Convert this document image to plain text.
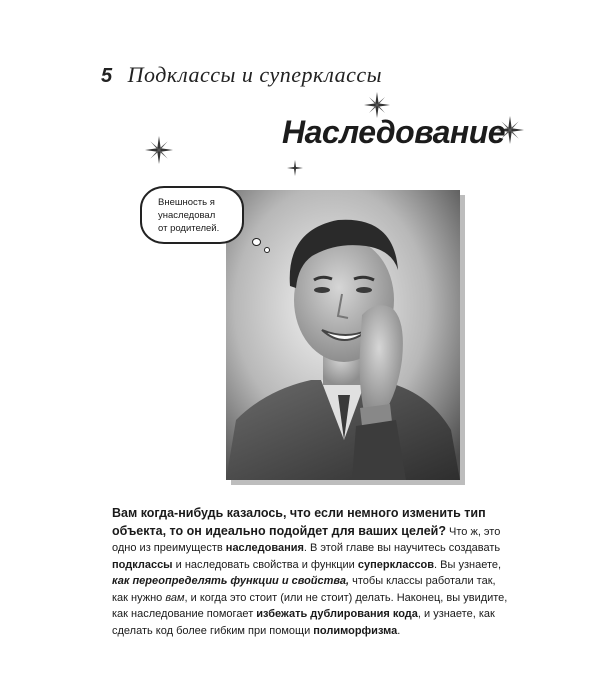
5 Подклассы и суперклассы
Наследование
Внешность я
унаследовал
от родителей.
Вам когда-нибудь казалось, что если немного изменить тип
объекта, то он идеально подойдет для ваших целей? Что ж, это одно из преимуществ наследования. В этой главе вы научитесь создавать подклассы и наследовать свойства и функции суперклассов. Вы узнаете, как переопределять функции и свойства, чтобы классы работали так, как нужно вам, и когда это стоит (или не стоит) делать. Наконец, вы увидите, как наследование помогает избежать дублирования кода, и узнаете, как сделать код более гибким при помощи полиморфизма.
